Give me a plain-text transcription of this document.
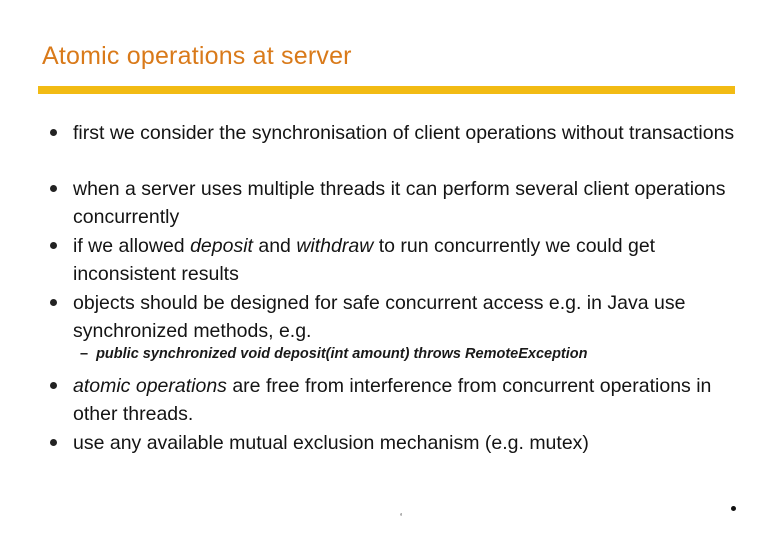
Atomic operations at server
first we consider the synchronisation of client operations without transactions
when a server uses multiple threads it can perform several client operations concurrently
if we allowed deposit and withdraw to run concurrently we could get inconsistent results
objects should be designed for safe concurrent access e.g. in Java use synchronized methods, e.g.
– public synchronized void deposit(int amount) throws RemoteException
atomic operations are free from interference from concurrent operations in other threads.
use any available mutual exclusion mechanism (e.g. mutex)
‘
